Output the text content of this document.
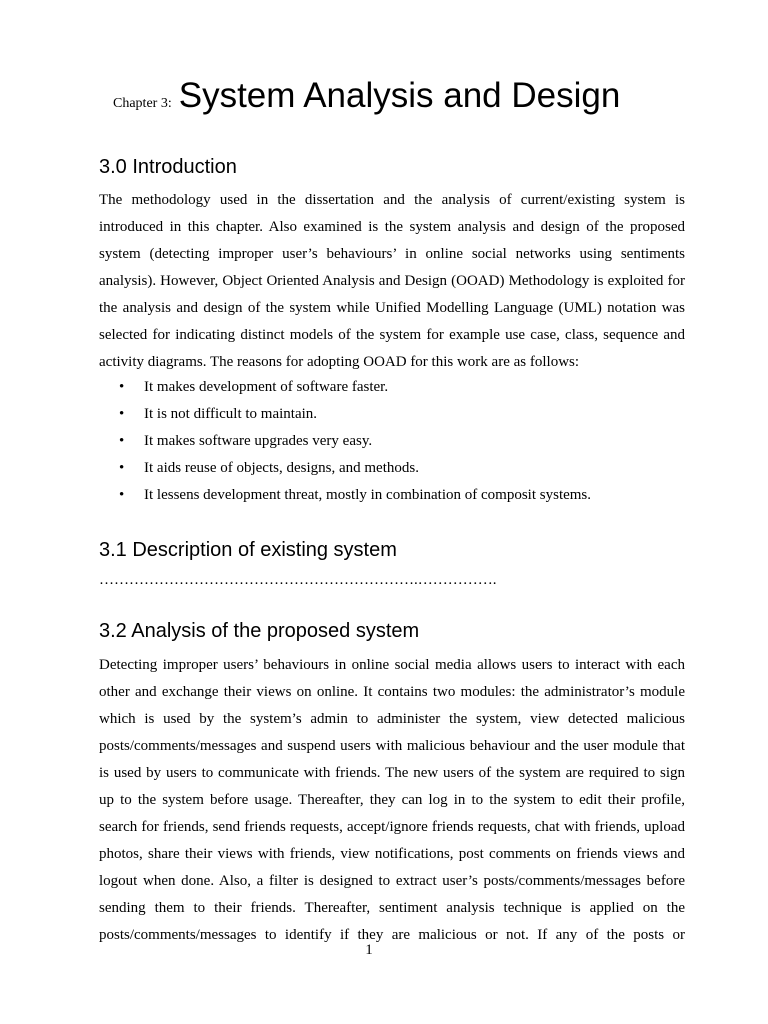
Chapter 3: System Analysis and Design
3.0 Introduction
The methodology used in the dissertation and the analysis of current/existing system is
introduced in this chapter. Also examined is the system analysis and design of the proposed
system (detecting improper user’s behaviours’ in online social networks using sentiments
analysis). However, Object Oriented Analysis and Design (OOAD) Methodology is exploited for
the analysis and design of the system while Unified Modelling Language (UML) notation was
selected for indicating distinct models of the system for example use case, class, sequence and
activity diagrams. The reasons for adopting OOAD for this work are as follows:
• It makes development of software faster.
• It is not difficult to maintain.
• It makes software upgrades very easy.
• It aids reuse of objects, designs, and methods.
• It lessens development threat, mostly in combination of composit systems.
3.1 Description of existing system
……………………………………………………….…………….
3.2 Analysis of the proposed system
Detecting improper users’ behaviours in online social media allows users to interact with each
other and exchange their views on online. It contains two modules: the administrator’s module
which is used by the system’s admin to administer the system, view detected malicious
posts/comments/messages and suspend users with malicious behaviour and the user module that
is used by users to communicate with friends. The new users of the system are required to sign
up to the system before usage. Thereafter, they can log in to the system to edit their profile,
search for friends, send friends requests, accept/ignore friends requests, chat with friends, upload
photos, share their views with friends, view notifications, post comments on friends views and
logout when done. Also, a filter is designed to extract user’s posts/comments/messages before
sending them to their friends. Thereafter, sentiment analysis technique is applied on the
posts/comments/messages to identify if they are malicious or not. If any of the posts or
1
